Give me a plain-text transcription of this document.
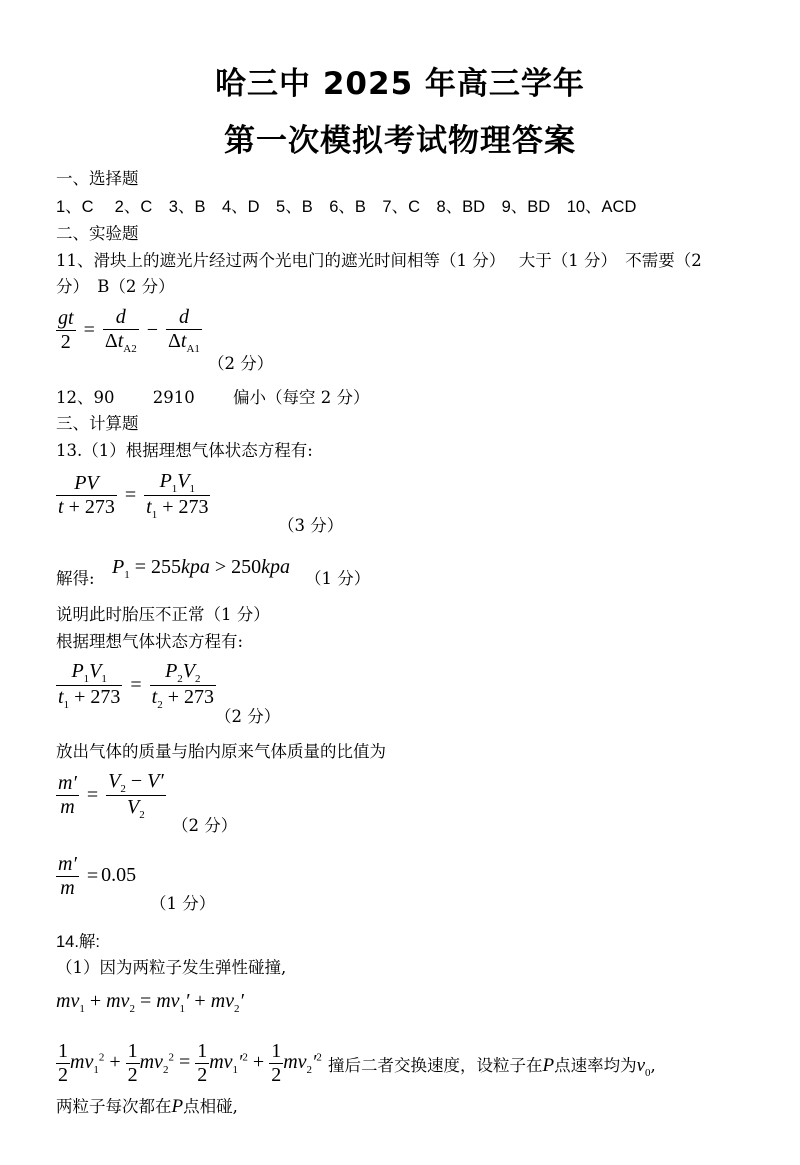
哈三中 2025 年高三学年
第一次模拟考试物理答案
一、选择题
1、C　 2、C　3、B　4、D　5、B　6、B　7、C　8、BD　9、BD　10、ACD
二、实验题
11、滑块上的遮光片经过两个光电门的遮光时间相等（1 分）　 大于（1 分）　不需要（2
分）　B（2 分）
$\frac{gt}{2} = \frac{d}{\Delta t_{A2}} - \frac{d}{\Delta t_{A1}}$
（2 分）
12、90　　 2910　　 偏小（每空 2 分）
三、计算题
13.（1）根据理想气体状态方程有:
$\frac{PV}{t + 273} = \frac{P_1V_1}{t_1 + 273}$
（3 分）
解得:
$P_1 = 255kpa > 250kpa$
（1 分）
说明此时胎压不正常（1 分）
根据理想气体状态方程有:
$\frac{P_1V_1}{t_1 + 273} = \frac{P_2V_2}{t_2 + 273}$
（2 分）
放出气体的质量与胎内原来气体质量的比值为
$\frac{m'}{m} = \frac{V_2 - V'}{V_2}$
（2 分）
$\frac{m'}{m} = 0.05$
（1 分）
14.解:
（1）因为两粒子发生弹性碰撞,
$mv_1 + mv_2 = mv_1' + mv_2'$
$\frac{1}{2} mv_1^2 + \frac{1}{2} mv_2^2 = \frac{1}{2} mv_1'^2 + \frac{1}{2} mv_2'^2$ 撞后二者交换速度，设粒子在P点速率均为$v_0$,
两粒子每次都在P点相碰,
